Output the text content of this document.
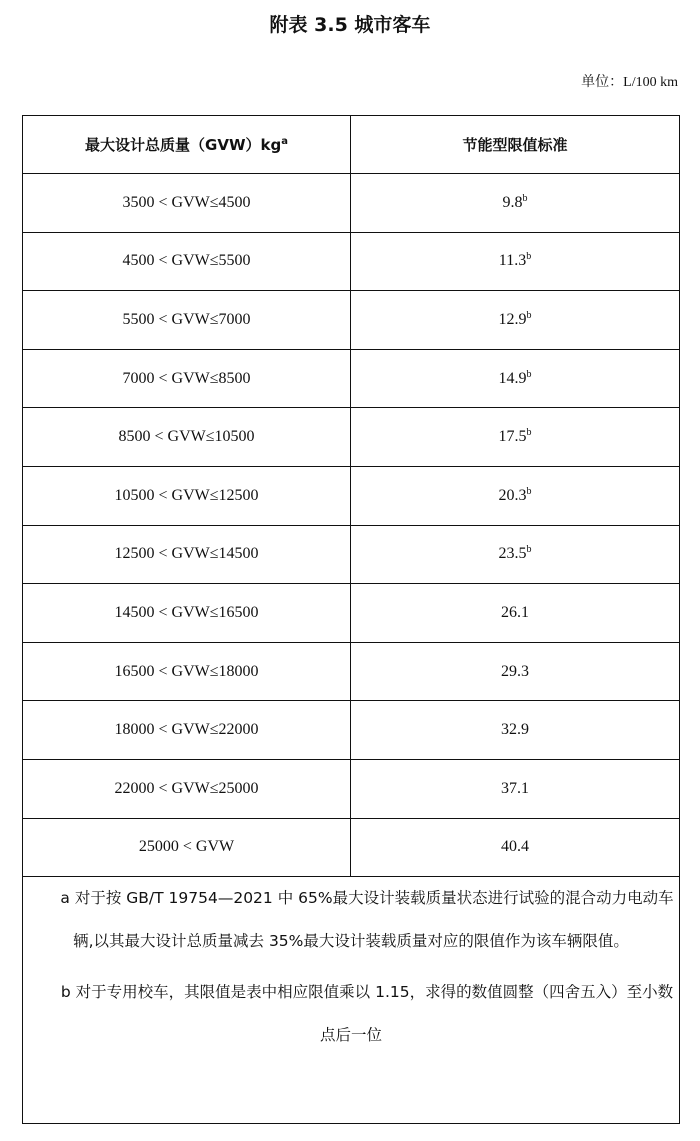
附表 3.5 城市客车
单位：L/100 km
最大设计总质量$(GVW)kg^a$	节能型限值标准
3500 < GVW≤4500	9.8$^b$
4500 < GVW≤5500	11.3$^b$
5500 < GVW≤7000	12.9$^b$
7000 < GVW≤8500	14.9$^b$
8500 < GVW≤10500	17.5$^b$
10500 < GVW≤12500	20.3$^b$
12500 < GVW≤14500	23.5$^b$
14500 < GVW≤16500	26.1
16500 < GVW≤18000	29.3
18000 < GVW≤22000	32.9
22000 < GVW≤25000	37.1
25000 < GVW	40.4

a 对于按 GB/T 19754—2021 中 65%最大设计装载质量状态进行试验的混合动力电动车辆,以其最大设计总质量减去 35%最大设计装载质量对应的限值作为该车辆限值。

b 对于专用校车，其限值是表中相应限值乘以 1.15，求得的数值圆整（四舍五入）至小数点后一位	
